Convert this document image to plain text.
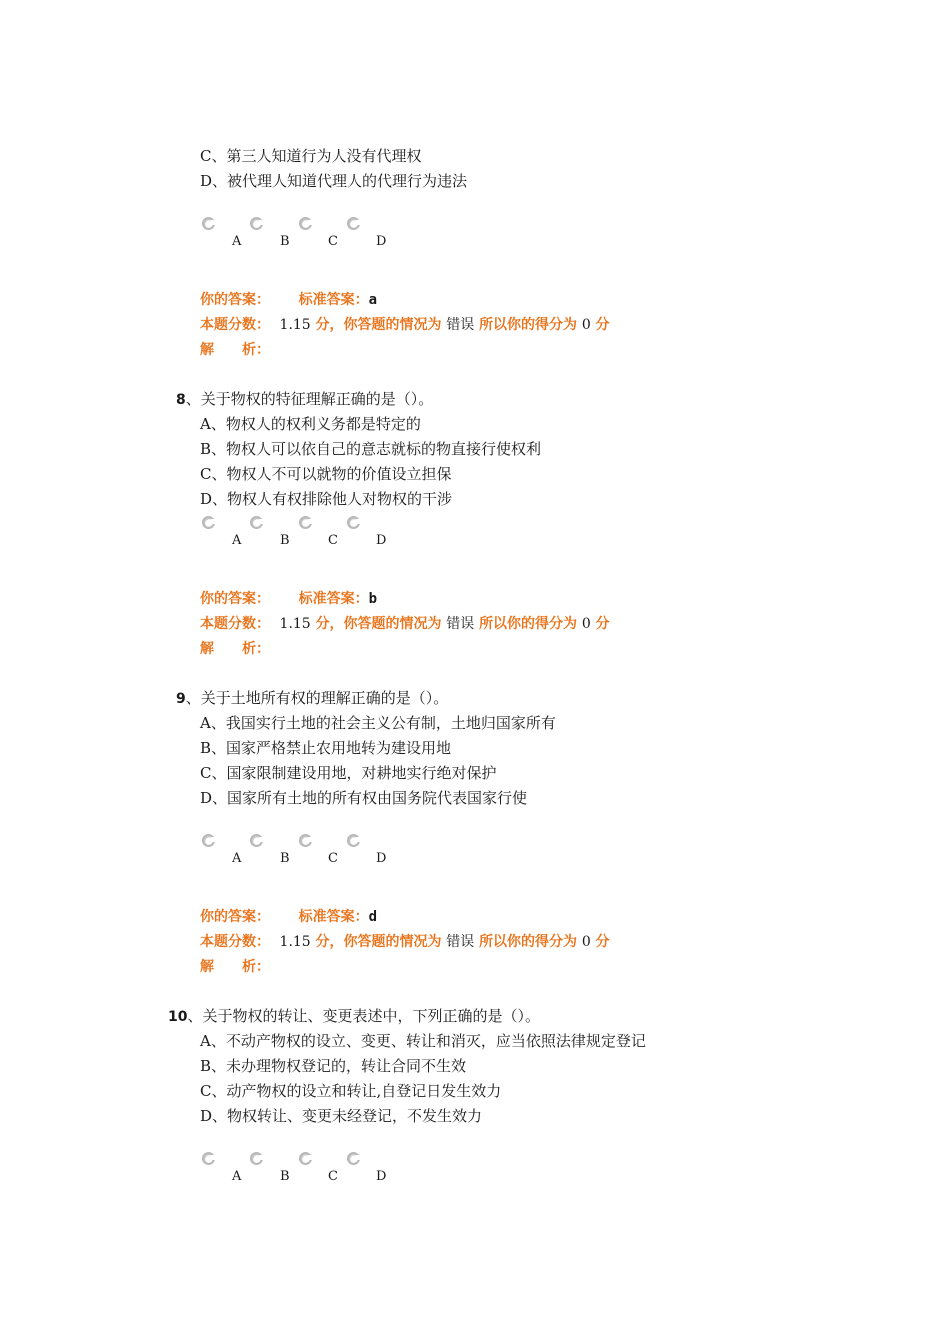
C、第三人知道行为人没有代理权
D、被代理人知道代理人的代理行为违法
A	B	C	D
你的答案： 标准答案：a
本题分数： 1.15 分，你答题的情况为 错误 所以你的得分为 0 分
解　　析：
8、关于物权的特征理解正确的是（）。
A、物权人的权利义务都是特定的
B、物权人可以依自己的意志就标的物直接行使权利
C、物权人不可以就物的价值设立担保
D、物权人有权排除他人对物权的干涉
A	B	C	D
你的答案： 标准答案：b
本题分数： 1.15 分，你答题的情况为 错误 所以你的得分为 0 分
解　　析：
9、关于土地所有权的理解正确的是（）。
A、我国实行土地的社会主义公有制，土地归国家所有
B、国家严格禁止农用地转为建设用地
C、国家限制建设用地，对耕地实行绝对保护
D、国家所有土地的所有权由国务院代表国家行使
A	B	C	D
你的答案： 标准答案：d
本题分数： 1.15 分，你答题的情况为 错误 所以你的得分为 0 分
解　　析：
10、关于物权的转让、变更表述中，下列正确的是（）。
A、不动产物权的设立、变更、转让和消灭，应当依照法律规定登记
B、未办理物权登记的，转让合同不生效
C、动产物权的设立和转让,自登记日发生效力
D、物权转让、变更未经登记，不发生效力
A	B	C	D
